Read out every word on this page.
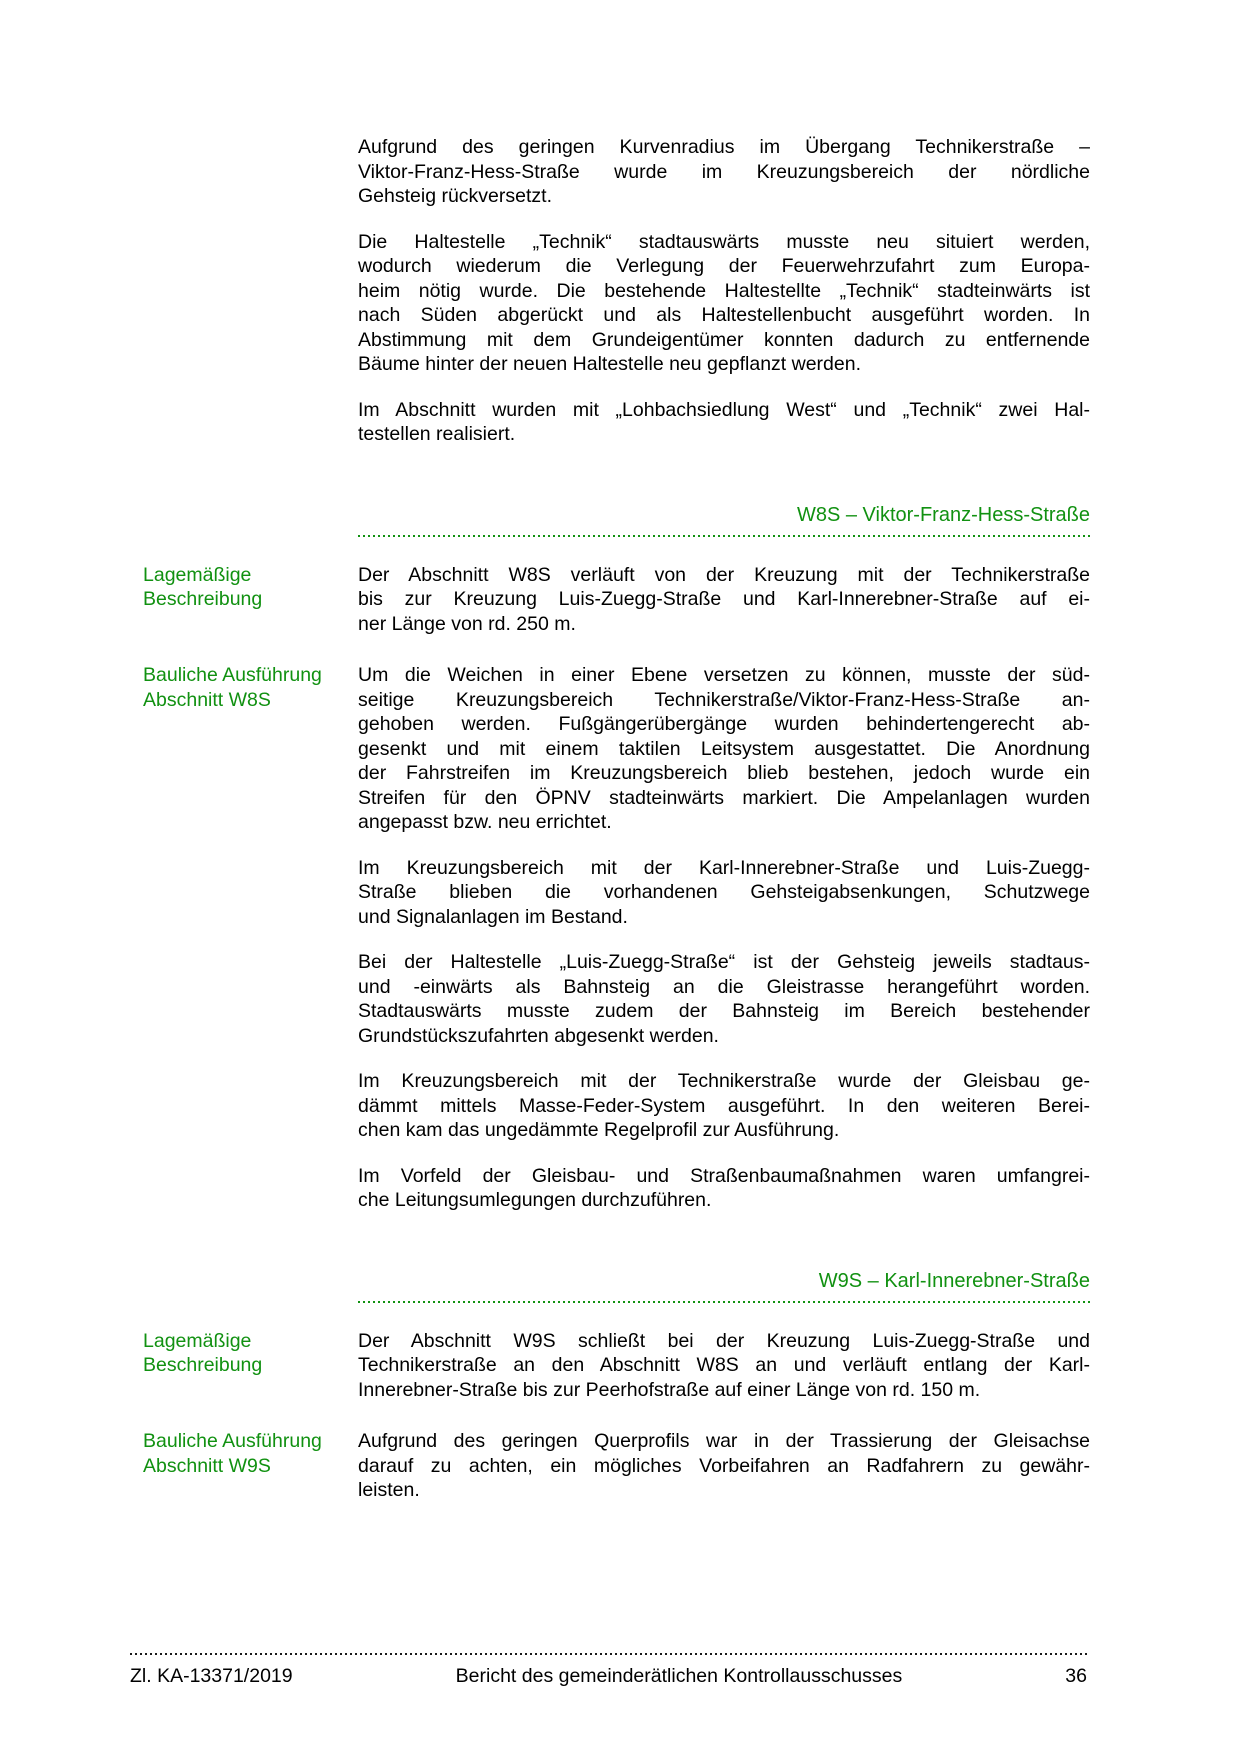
Aufgrund des geringen Kurvenradius im Übergang Technikerstraße –
Viktor-Franz-Hess-Straße wurde im Kreuzungsbereich der nördliche
Gehsteig rückversetzt.
Die Haltestelle „Technik“ stadtauswärts musste neu situiert werden,
wodurch wiederum die Verlegung der Feuerwehrzufahrt zum Europa-
heim nötig wurde. Die bestehende Haltestellte „Technik“ stadteinwärts ist
nach Süden abgerückt und als Haltestellenbucht ausgeführt worden. In
Abstimmung mit dem Grundeigentümer konnten dadurch zu entfernende
Bäume hinter der neuen Haltestelle neu gepflanzt werden.
Im Abschnitt wurden mit „Lohbachsiedlung West“ und „Technik“ zwei Hal-
testellen realisiert.
W8S – Viktor-Franz-Hess-Straße
Lagemäßige
Beschreibung
Der Abschnitt W8S verläuft von der Kreuzung mit der Technikerstraße
bis zur Kreuzung Luis-Zuegg-Straße und Karl-Innerebner-Straße auf ei-
ner Länge von rd. 250 m.
Bauliche Ausführung
Abschnitt W8S
Um die Weichen in einer Ebene versetzen zu können, musste der süd-
seitige Kreuzungsbereich Technikerstraße/Viktor-Franz-Hess-Straße an-
gehoben werden. Fußgängerübergänge wurden behindertengerecht ab-
gesenkt und mit einem taktilen Leitsystem ausgestattet. Die Anordnung
der Fahrstreifen im Kreuzungsbereich blieb bestehen, jedoch wurde ein
Streifen für den ÖPNV stadteinwärts markiert. Die Ampelanlagen wurden
angepasst bzw. neu errichtet.
Im Kreuzungsbereich mit der Karl-Innerebner-Straße und Luis-Zuegg-
Straße blieben die vorhandenen Gehsteigabsenkungen, Schutzwege
und Signalanlagen im Bestand.
Bei der Haltestelle „Luis-Zuegg-Straße“ ist der Gehsteig jeweils stadtaus-
und -einwärts als Bahnsteig an die Gleistrasse herangeführt worden.
Stadtauswärts musste zudem der Bahnsteig im Bereich bestehender
Grundstückszufahrten abgesenkt werden.
Im Kreuzungsbereich mit der Technikerstraße wurde der Gleisbau ge-
dämmt mittels Masse-Feder-System ausgeführt. In den weiteren Berei-
chen kam das ungedämmte Regelprofil zur Ausführung.
Im Vorfeld der Gleisbau- und Straßenbaumaßnahmen waren umfangrei-
che Leitungsumlegungen durchzuführen.
W9S – Karl-Innerebner-Straße
Lagemäßige
Beschreibung
Der Abschnitt W9S schließt bei der Kreuzung Luis-Zuegg-Straße und
Technikerstraße an den Abschnitt W8S an und verläuft entlang der Karl-
Innerebner-Straße bis zur Peerhofstraße auf einer Länge von rd. 150 m.
Bauliche Ausführung
Abschnitt W9S
Aufgrund des geringen Querprofils war in der Trassierung der Gleisachse
darauf zu achten, ein mögliches Vorbeifahren an Radfahrern zu gewähr-
leisten.
Zl. KA-13371/2019	Bericht des gemeinderätlichen Kontrollausschusses	36
